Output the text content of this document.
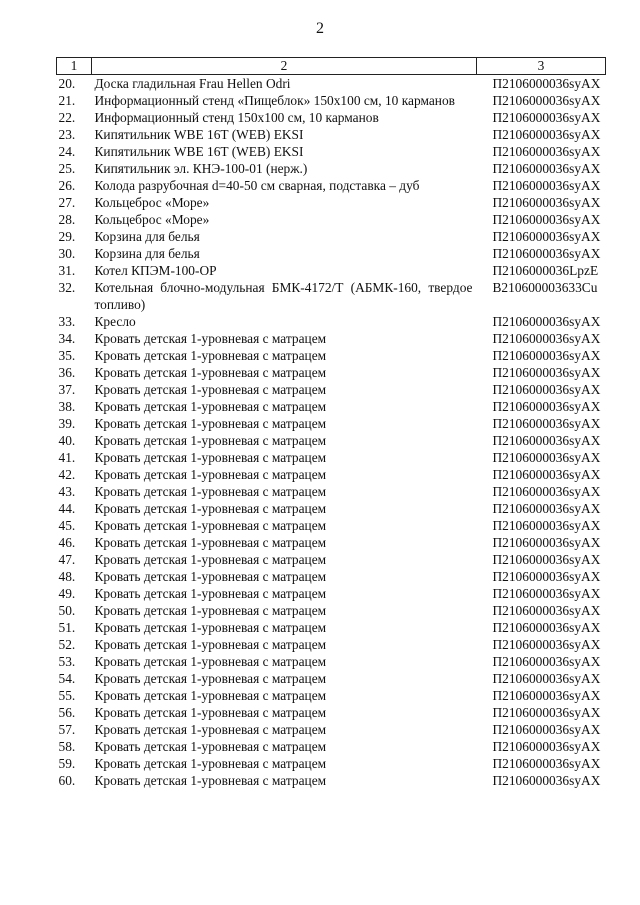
2
1	2	3
20.	Доска гладильная Frau Hellen Odri	П2106000036syAX
21.	Информационный стенд «Пищеблок» 150х100 см, 10 карманов	П2106000036syAX
22.	Информационный стенд 150х100 см, 10 карманов	П2106000036syAX
23.	Кипятильник WBE 16T (WEB) EKSI	П2106000036syAX
24.	Кипятильник WBE 16T (WEB) EKSI	П2106000036syAX
25.	Кипятильник эл. КНЭ-100-01 (нерж.)	П2106000036syAX
26.	Колода разрубочная d=40-50 см сварная, подставка – дуб	П2106000036syAX
27.	Кольцеброс «Море»	П2106000036syAX
28.	Кольцеброс «Море»	П2106000036syAX
29.	Корзина для белья	П2106000036syAX
30.	Корзина для белья	П2106000036syAX
31.	Котел КПЭМ-100-ОР	П2106000036LpzE
32.	Котельная блочно-модульная БМК-4172/Т (АБМК-160, твердое топливо)	В210600003633Cu
33.	Кресло	П2106000036syAX
34.	Кровать детская 1-уровневая с матрацем	П2106000036syAX
35.	Кровать детская 1-уровневая с матрацем	П2106000036syAX
36.	Кровать детская 1-уровневая с матрацем	П2106000036syAX
37.	Кровать детская 1-уровневая с матрацем	П2106000036syAX
38.	Кровать детская 1-уровневая с матрацем	П2106000036syAX
39.	Кровать детская 1-уровневая с матрацем	П2106000036syAX
40.	Кровать детская 1-уровневая с матрацем	П2106000036syAX
41.	Кровать детская 1-уровневая с матрацем	П2106000036syAX
42.	Кровать детская 1-уровневая с матрацем	П2106000036syAX
43.	Кровать детская 1-уровневая с матрацем	П2106000036syAX
44.	Кровать детская 1-уровневая с матрацем	П2106000036syAX
45.	Кровать детская 1-уровневая с матрацем	П2106000036syAX
46.	Кровать детская 1-уровневая с матрацем	П2106000036syAX
47.	Кровать детская 1-уровневая с матрацем	П2106000036syAX
48.	Кровать детская 1-уровневая с матрацем	П2106000036syAX
49.	Кровать детская 1-уровневая с матрацем	П2106000036syAX
50.	Кровать детская 1-уровневая с матрацем	П2106000036syAX
51.	Кровать детская 1-уровневая с матрацем	П2106000036syAX
52.	Кровать детская 1-уровневая с матрацем	П2106000036syAX
53.	Кровать детская 1-уровневая с матрацем	П2106000036syAX
54.	Кровать детская 1-уровневая с матрацем	П2106000036syAX
55.	Кровать детская 1-уровневая с матрацем	П2106000036syAX
56.	Кровать детская 1-уровневая с матрацем	П2106000036syAX
57.	Кровать детская 1-уровневая с матрацем	П2106000036syAX
58.	Кровать детская 1-уровневая с матрацем	П2106000036syAX
59.	Кровать детская 1-уровневая с матрацем	П2106000036syAX
60.	Кровать детская 1-уровневая с матрацем	П2106000036syAX
